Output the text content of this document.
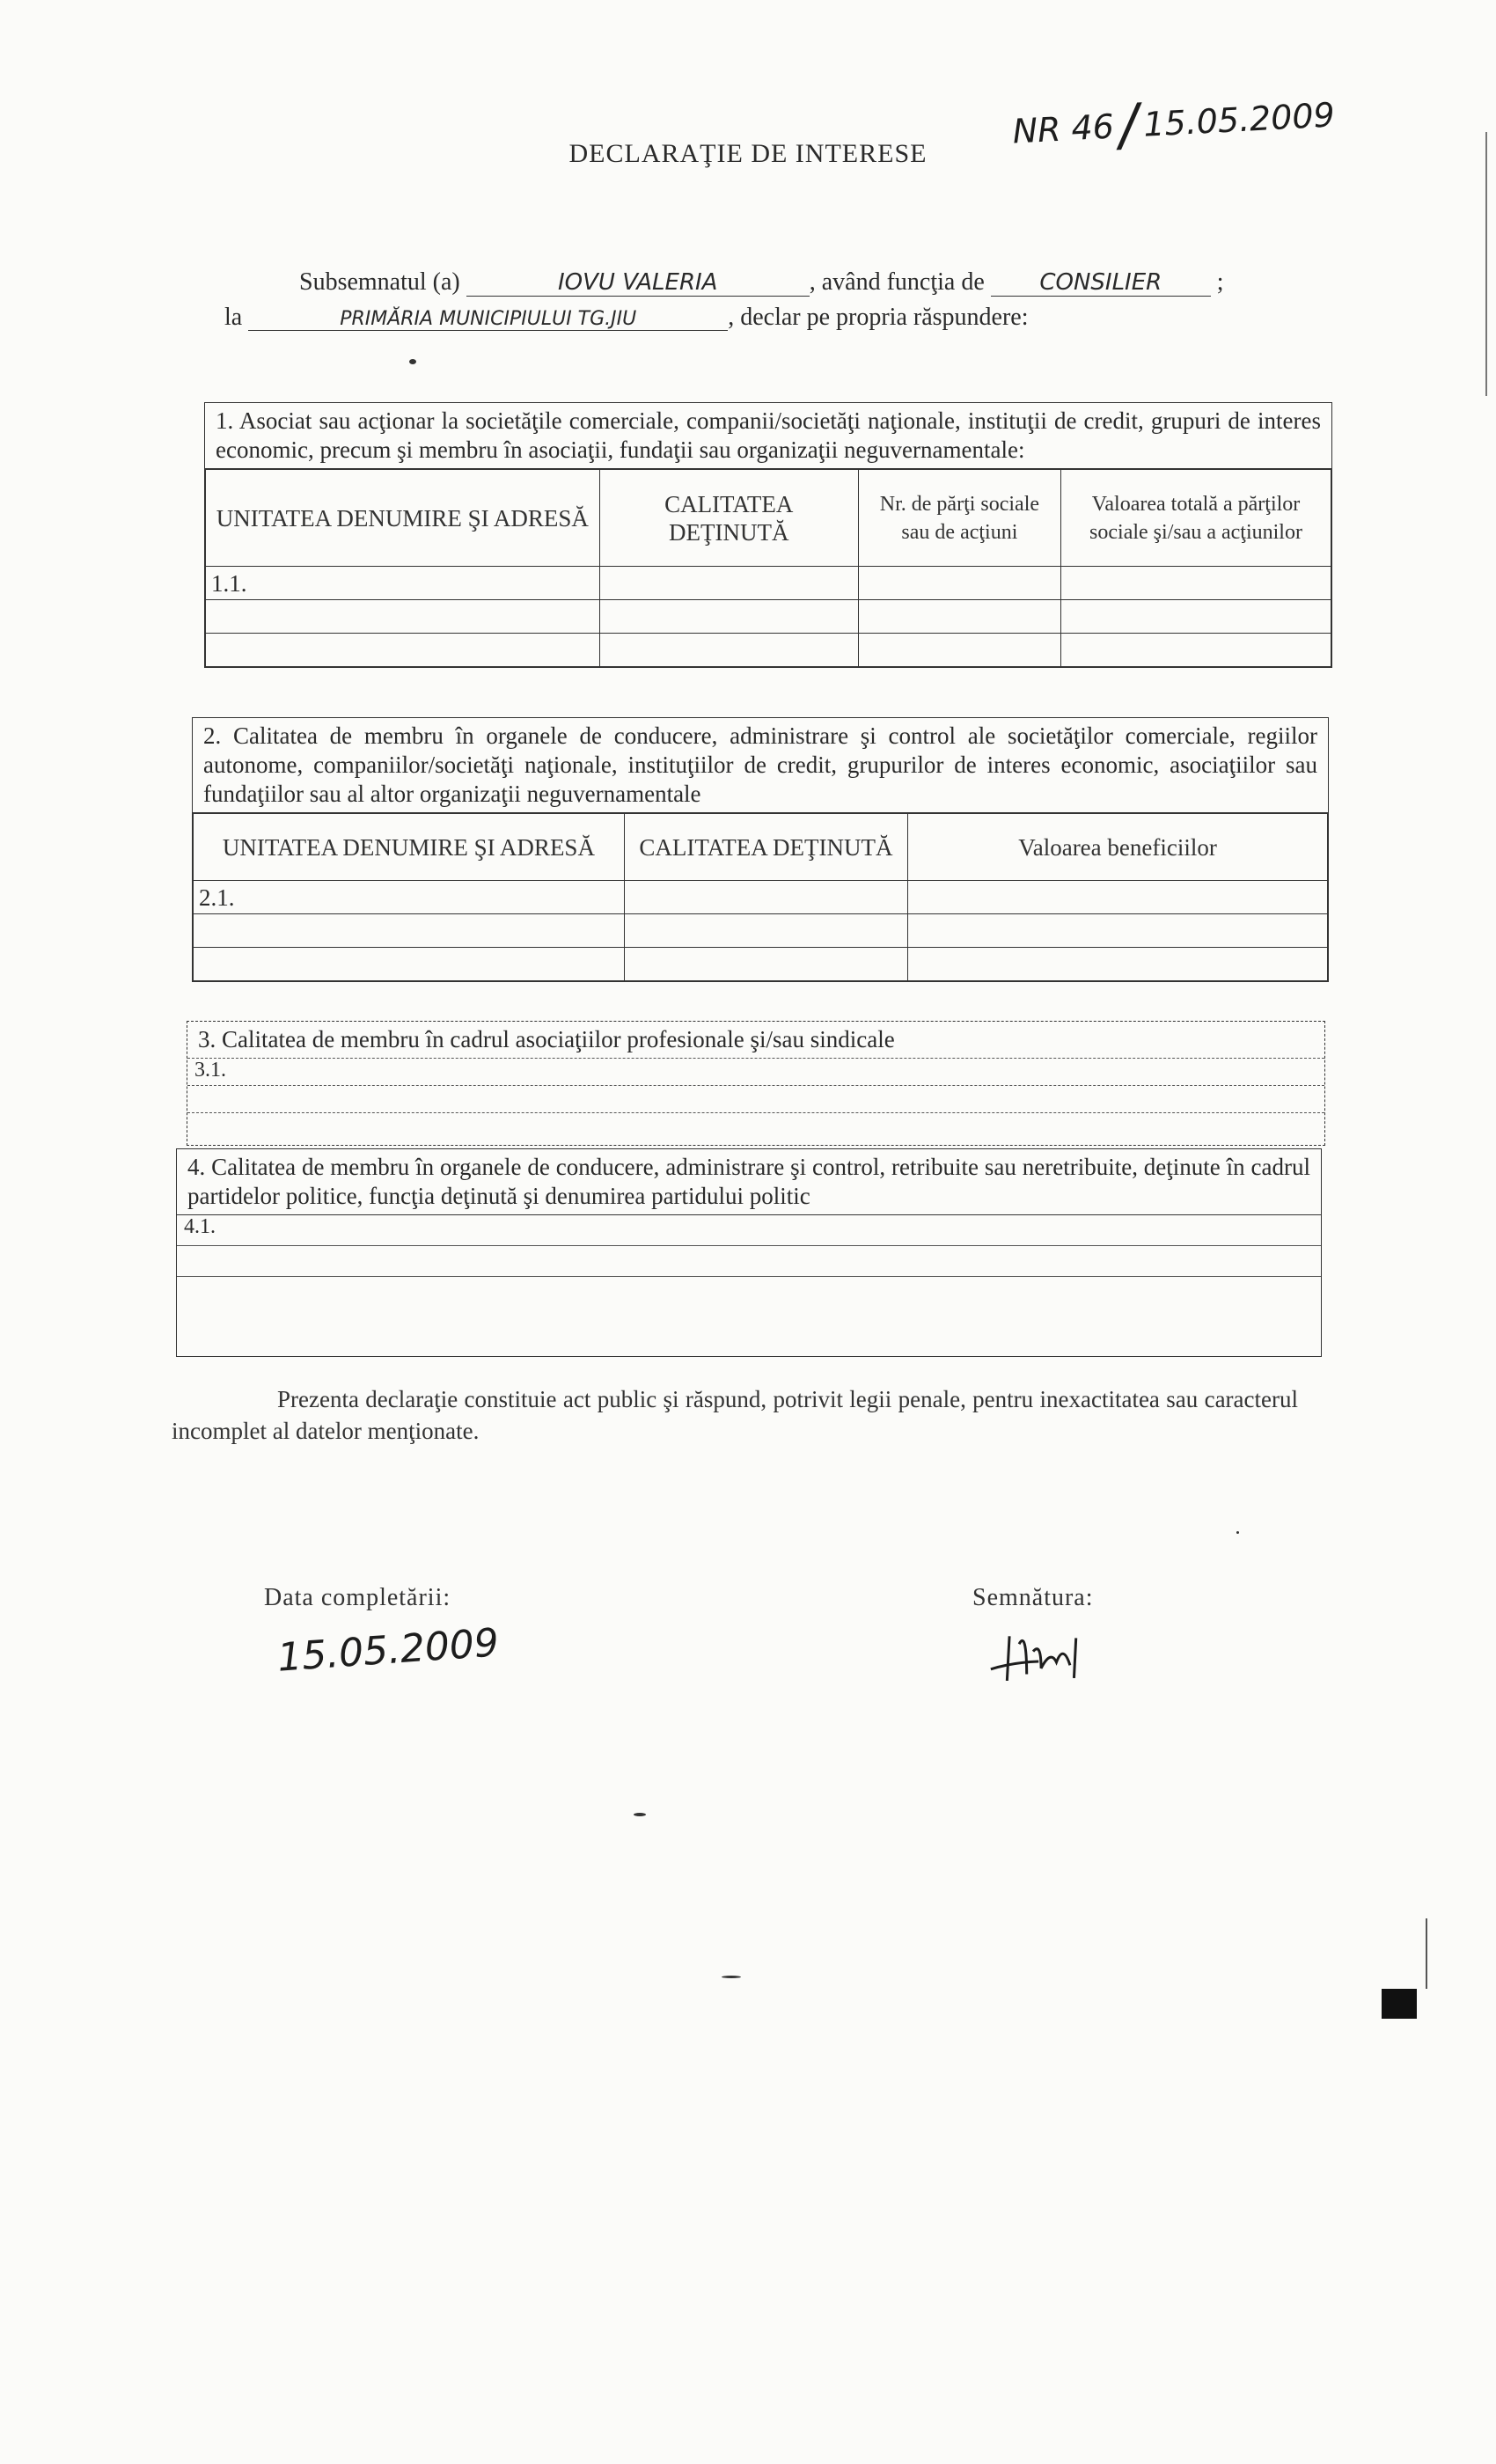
NR 46/15.05.2009
DECLARAŢIE DE INTERESE
Subsemnatul (a)	IOVU VALERIA	, având funcţia de CONSILIER ;
la	PRIMĂRIA MUNICIPIULUI TG.JIU	, declar pe propria răspundere:
1. Asociat sau acţionar la societăţile comerciale, companii/societăţi naţionale, instituţii de credit, grupuri de interes economic, precum şi membru în asociaţii, fundaţii sau organizaţii neguvernamentale:
UNITATEA DENUMIRE ŞI ADRESĂ	CALITATEA DEŢINUTĂ	Nr. de părţi sociale sau de acţiuni	Valoarea totală a părţilor sociale şi/sau a acţiunilor
1.1.			

2. Calitatea de membru în organele de conducere, administrare şi control ale societăţilor comerciale, regiilor autonome, companiilor/societăţi naţionale, instituţiilor de credit, grupurilor de interes economic, asociaţiilor sau fundaţiilor sau al altor organizaţii neguvernamentale
UNITATEA DENUMIRE ŞI ADRESĂ	CALITATEA DEŢINUTĂ	Valoarea beneficiilor
2.1.		

3. Calitatea de membru în cadrul asociaţiilor profesionale şi/sau sindicale
3.1.
4. Calitatea de membru în organele de conducere, administrare şi control, retribuite sau neretribuite, deţinute în cadrul partidelor politice, funcţia deţinută şi denumirea partidului politic
4.1.
Prezenta declaraţie constituie act public şi răspund, potrivit legii penale, pentru inexactitatea sau caracterul incomplet al datelor menţionate.
Data completării:
15.05.2009
Semnătura:
